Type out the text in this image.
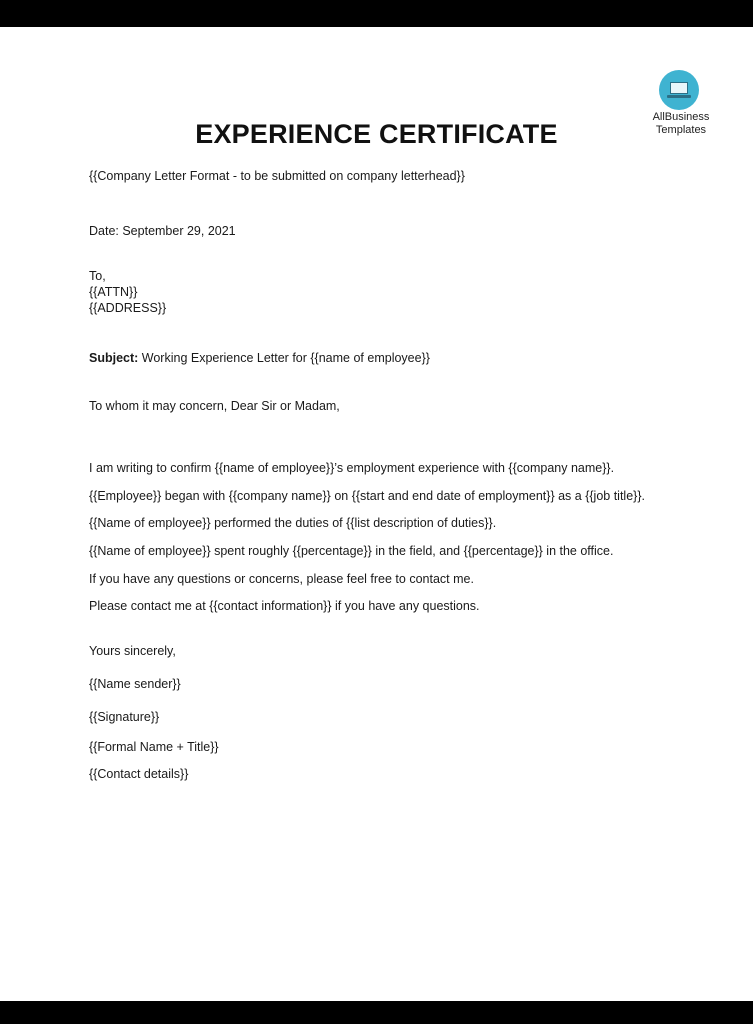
AllBusiness
Templates
EXPERIENCE CERTIFICATE
{{Company Letter Format - to be submitted on company letterhead}}
Date: September 29, 2021
To,
{{ATTN}}
{{ADDRESS}}
Subject: Working Experience Letter for {{name of employee}}
To whom it may concern, Dear Sir or Madam,
I am writing to confirm {{name of employee}}’s employment experience with {{company name}}.
{{Employee}} began with {{company name}} on {{start and end date of employment}} as a {{job title}}.
{{Name of employee}} performed the duties of {{list description of duties}}.
{{Name of employee}} spent roughly {{percentage}} in the field, and {{percentage}} in the office.
If you have any questions or concerns, please feel free to contact me.
Please contact me at {{contact information}} if you have any questions.
Yours sincerely,
{{Name sender}}
{{Signature}}
{{Formal Name + Title}}
{{Contact details}}
